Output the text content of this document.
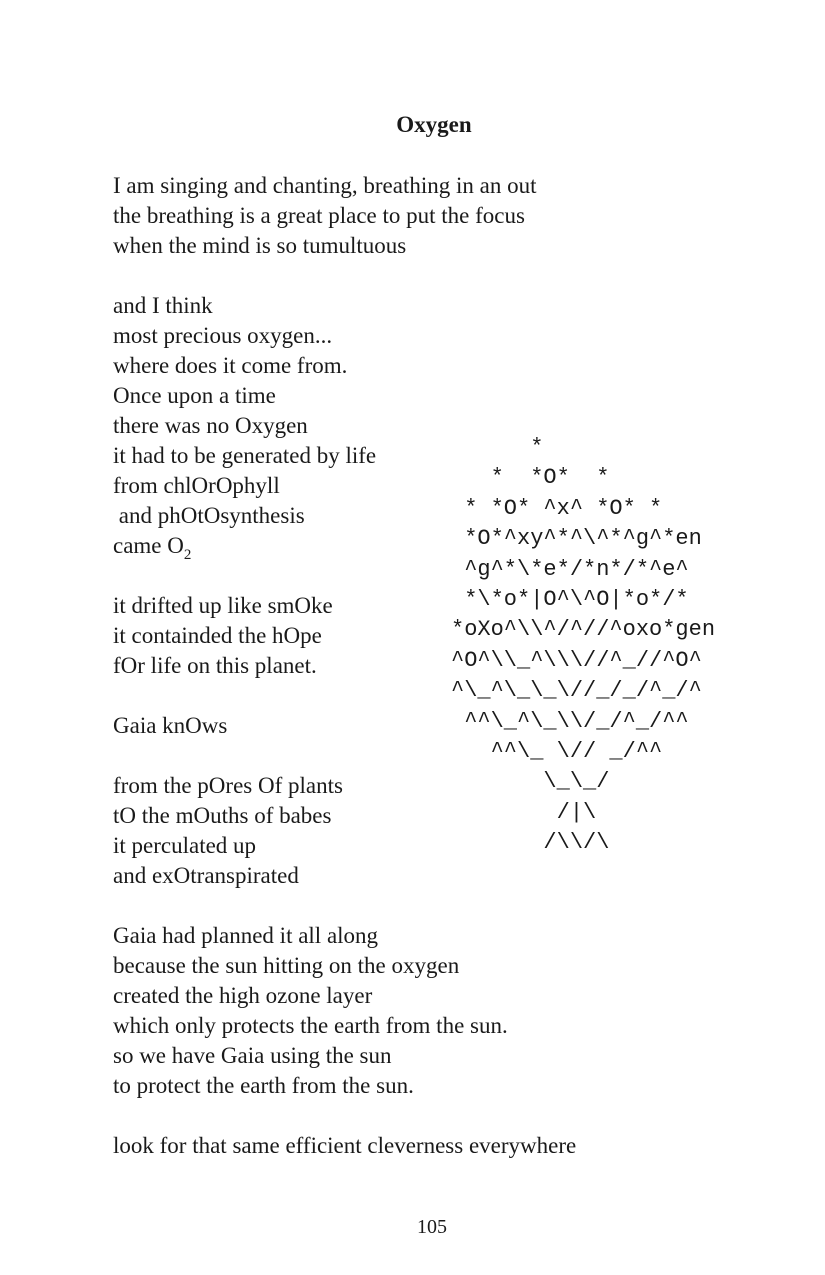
Oxygen
I am singing and chanting, breathing in an out
the breathing is a great place to put the focus
when the mind is so tumultuous
and I think
most precious oxygen...
where does it come from.
Once upon a time
there was no Oxygen
it had to be generated by life
from chlOrOphyll
and phOtOsynthesis
came $O_2$
it drifted up like smOke
it containded the hOpe
fOr life on this planet.
Gaia knOws
from the pOres Of plants
tO the mOuths of babes
it perculated up
and exOtranspirated
Gaia had planned it all along
because the sun hitting on the oxygen
created the high ozone layer
which only protects the earth from the sun.
so we have Gaia using the sun
to protect the earth from the sun.
look for that same efficient cleverness everywhere
*
*  *O*  *
* *O* ^x^ *O* *
*O*^xy^*^\^*^g^*en
^g^*\*e*/*n*/*^e^
*\*o*|O^\^O|*o*/*
*oXo^\\^/^//^oxo*gen
^O^\\_^\\\//^_//^O^
^\_^\_\_\//_/_/^_/^
^^\_^\_\\/_/^_/^^
^^\_ \// _/^^
\_\_/
/|\
/\\/\
105
